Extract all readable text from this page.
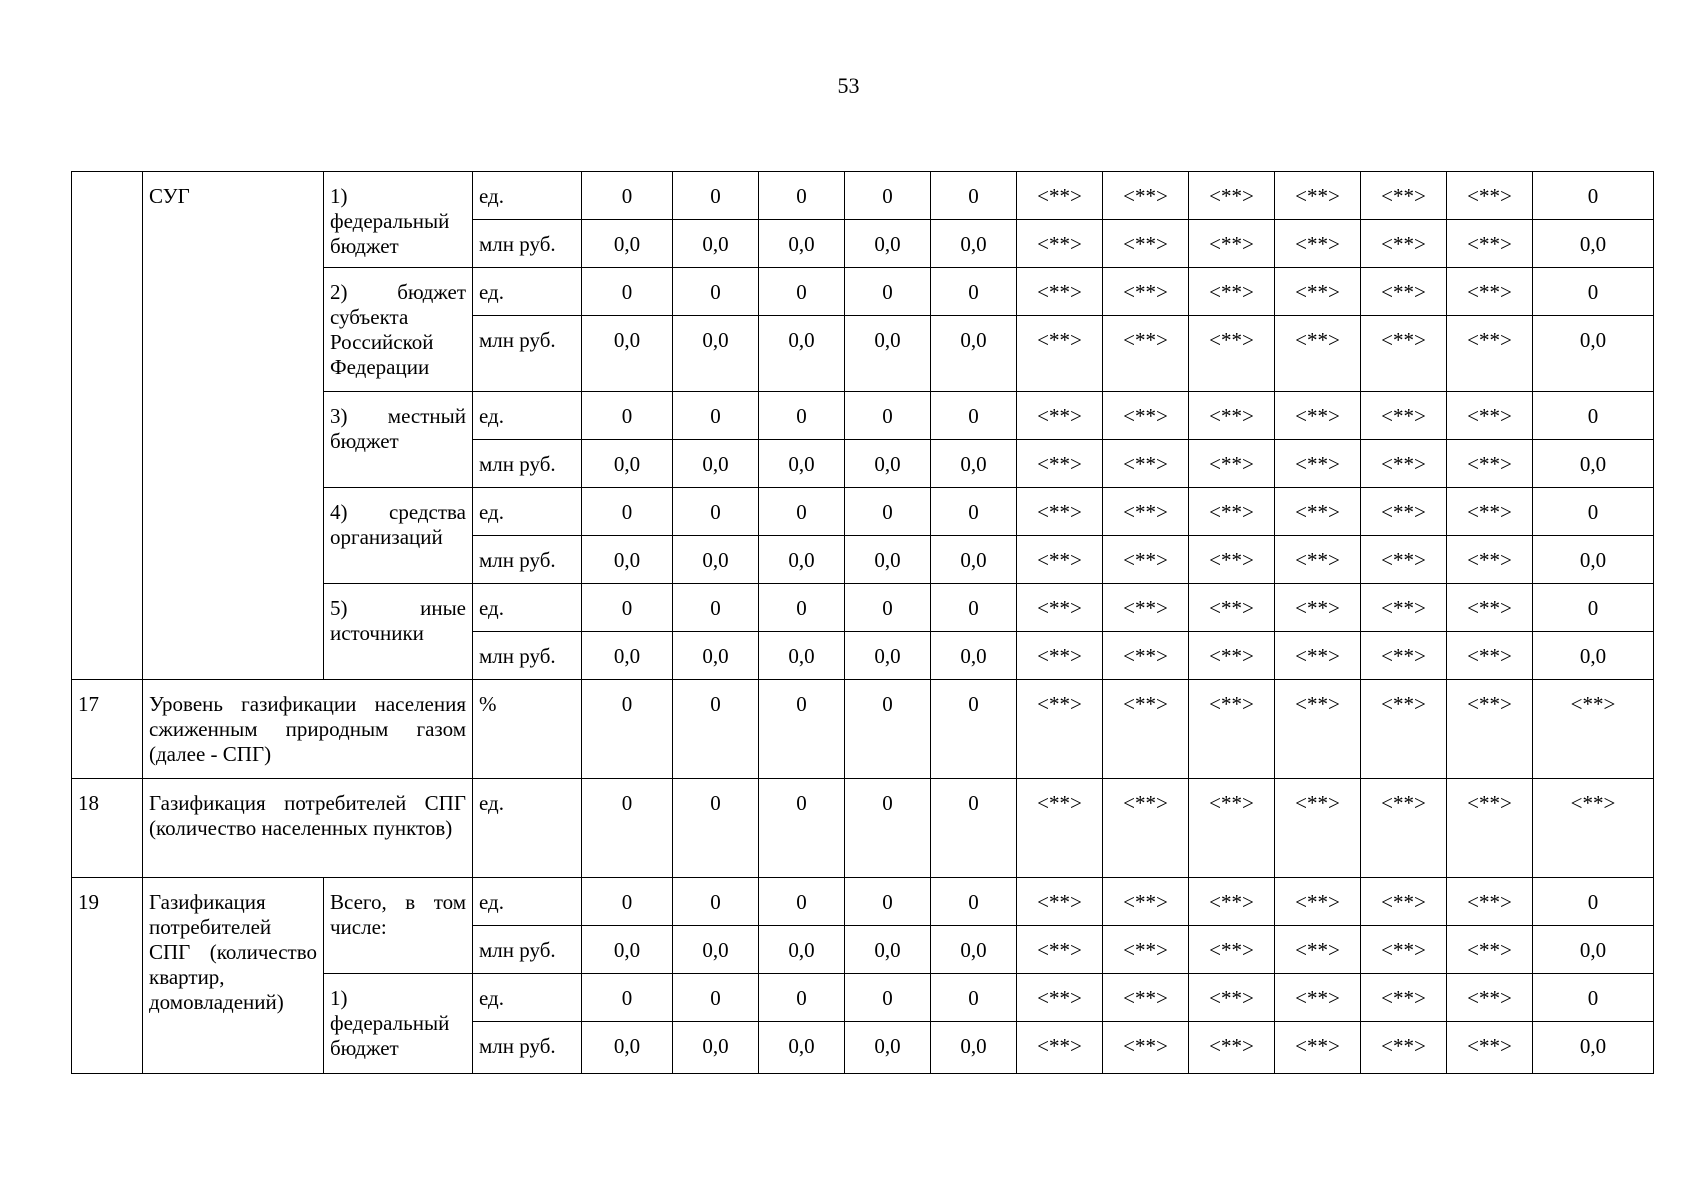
53
	СУГ	1) федеральный бюджет	ед.	0	0	0	0	0	<**>	<**>	<**>	<**>	<**>	<**>	0
			млн руб.	0,0	0,0	0,0	0,0	0,0	<**>	<**>	<**>	<**>	<**>	<**>	0,0
		2) бюджет субъекта Российской Федерации	ед.	0	0	0	0	0	<**>	<**>	<**>	<**>	<**>	<**>	0
			млн руб.	0,0	0,0	0,0	0,0	0,0	<**>	<**>	<**>	<**>	<**>	<**>	0,0
		3) местный бюджет	ед.	0	0	0	0	0	<**>	<**>	<**>	<**>	<**>	<**>	0
			млн руб.	0,0	0,0	0,0	0,0	0,0	<**>	<**>	<**>	<**>	<**>	<**>	0,0
		4) средства организаций	ед.	0	0	0	0	0	<**>	<**>	<**>	<**>	<**>	<**>	0
			млн руб.	0,0	0,0	0,0	0,0	0,0	<**>	<**>	<**>	<**>	<**>	<**>	0,0
		5) иные источники	ед.	0	0	0	0	0	<**>	<**>	<**>	<**>	<**>	<**>	0
			млн руб.	0,0	0,0	0,0	0,0	0,0	<**>	<**>	<**>	<**>	<**>	<**>	0,0
17	Уровень газификации населения сжиженным природным газом (далее - СПГ)		%	0	0	0	0	0	<**>	<**>	<**>	<**>	<**>	<**>	<**>
18	Газификация потребителей СПГ (количество населенных пунктов)		ед.	0	0	0	0	0	<**>	<**>	<**>	<**>	<**>	<**>	<**>
19	Газификация потребителей СПГ (количество квартир, домовладений)	Всего, в том числе:	ед.	0	0	0	0	0	<**>	<**>	<**>	<**>	<**>	<**>	0
			млн руб.	0,0	0,0	0,0	0,0	0,0	<**>	<**>	<**>	<**>	<**>	<**>	0,0
		1) федеральный бюджет	ед.	0	0	0	0	0	<**>	<**>	<**>	<**>	<**>	<**>	0
			млн руб.	0,0	0,0	0,0	0,0	0,0	<**>	<**>	<**>	<**>	<**>	<**>	0,0
